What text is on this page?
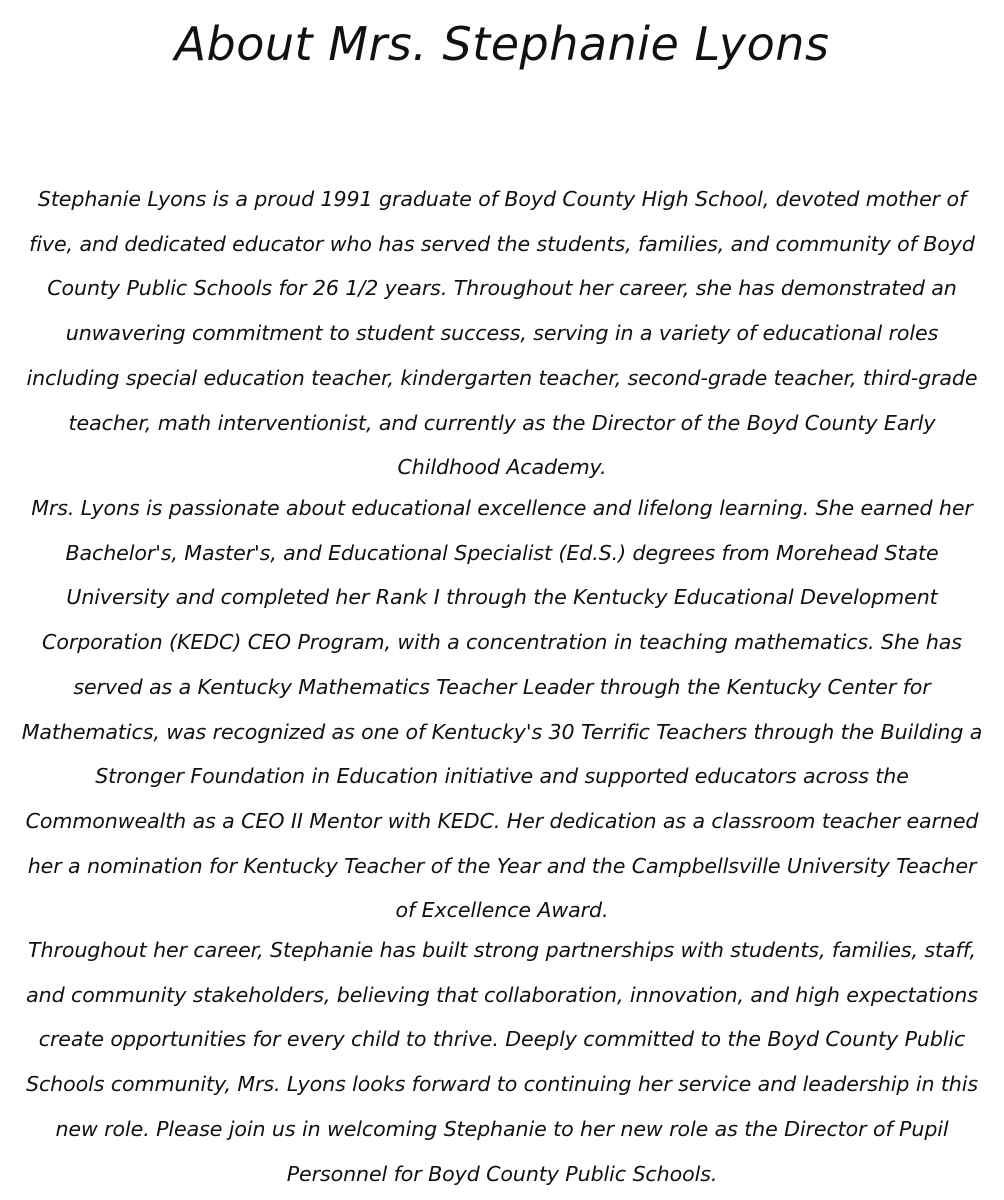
About Mrs. Stephanie Lyons

Stephanie Lyons is a proud 1991 graduate of Boyd County High School, devoted mother of five, and dedicated educator who has served the students, families, and community of Boyd County Public Schools for 26 1/2 years. Throughout her career, she has demonstrated an unwavering commitment to student success, serving in a variety of educational roles including special education teacher, kindergarten teacher, second-grade teacher, third-grade teacher, math interventionist, and currently as the Director of the Boyd County Early Childhood Academy.

Mrs. Lyons is passionate about educational excellence and lifelong learning. She earned her Bachelor's, Master's, and Educational Specialist (Ed.S.) degrees from Morehead State University and completed her Rank I through the Kentucky Educational Development Corporation (KEDC) CEO Program, with a concentration in teaching mathematics. She has served as a Kentucky Mathematics Teacher Leader through the Kentucky Center for Mathematics, was recognized as one of Kentucky's 30 Terrific Teachers through the Building a Stronger Foundation in Education initiative and supported educators across the Commonwealth as a CEO II Mentor with KEDC. Her dedication as a classroom teacher earned her a nomination for Kentucky Teacher of the Year and the Campbellsville University Teacher of Excellence Award.

Throughout her career, Stephanie has built strong partnerships with students, families, staff, and community stakeholders, believing that collaboration, innovation, and high expectations create opportunities for every child to thrive. Deeply committed to the Boyd County Public Schools community, Mrs. Lyons looks forward to continuing her service and leadership in this new role. Please join us in welcoming Stephanie to her new role as the Director of Pupil Personnel for Boyd County Public Schools.
